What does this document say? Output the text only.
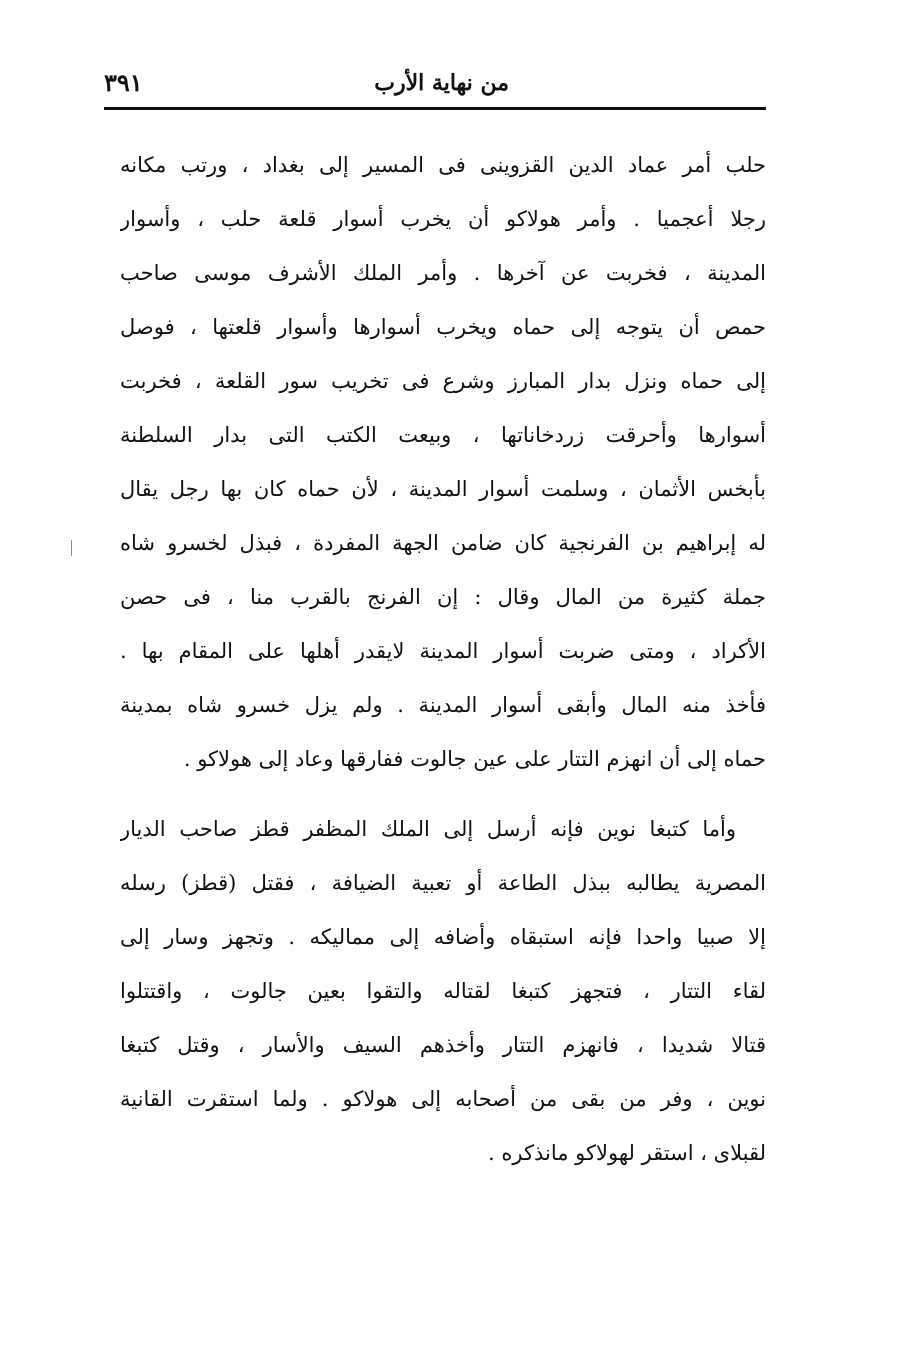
من نهاية الأرب
٣٩١
حلب أمر عماد الدين القزوينى فى المسير إلى بغداد ، ورتب مكانه
رجلا أعجميا . وأمر هولاكو أن يخرب أسوار قلعة حلب ، وأسوار
المدينة ، فخربت عن آخرها . وأمر الملك الأشرف موسى صاحب
حمص أن يتوجه إلى حماه ويخرب أسوارها وأسوار قلعتها ، فوصل
إلى حماه ونزل بدار المبارز وشرع فى تخريب سور القلعة ، فخربت
أسوارها وأحرقت زردخاناتها ، وبيعت الكتب التى بدار السلطنة
بأبخس الأثمان ، وسلمت أسوار المدينة ، لأن حماه كان بها رجل يقال
له إبراهيم بن الفرنجية كان ضامن الجهة المفردة ، فبذل لخسرو شاه
جملة كثيرة من المال وقال : إن الفرنج بالقرب منا ، فى حصن
الأكراد ، ومتى ضربت أسوار المدينة لايقدر أهلها على المقام بها .
فأخذ منه المال وأبقى أسوار المدينة . ولم يزل خسرو شاه بمدينة
حماه إلى أن انهزم التتار على عين جالوت ففارقها وعاد إلى هولاكو .
وأما كتبغا نوين فإنه أرسل إلى الملك المظفر قطز صاحب الديار
المصرية يطالبه ببذل الطاعة أو تعبية الضيافة ، فقتل (قطز) رسله
إلا صبيا واحدا فإنه استبقاه وأضافه إلى مماليكه . وتجهز وسار إلى
لقاء التتار ، فتجهز كتبغا لقتاله والتقوا بعين جالوت ، واقتتلوا
قتالا شديدا ، فانهزم التتار وأخذهم السيف والأسار ، وقتل كتبغا
نوين ، وفر من بقى من أصحابه إلى هولاكو . ولما استقرت القانية
لقبلاى ، استقر لهولاكو مانذكره .
